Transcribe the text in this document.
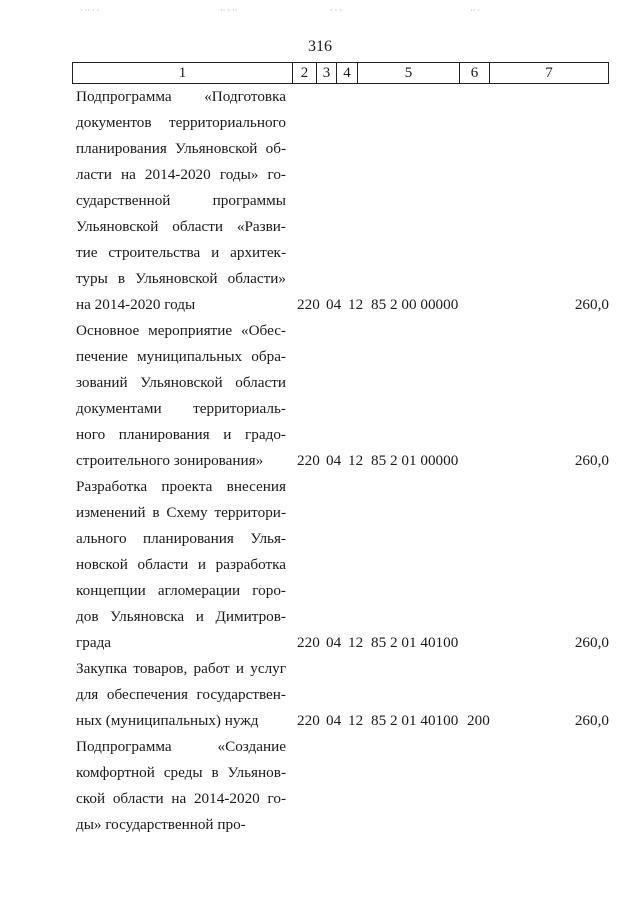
· ·· · ·	·· · ··	· · ·	·· ·
316
1	2 3 4	5	6	7
Подпрограмма «Подготовка
документов территориального
планирования Ульяновской об-
ласти на 2014-2020 годы» го-
сударственной программы
Ульяновской области «Разви-
тие строительства и архитек-
туры в Ульяновской области»
на 2014-2020 годы	220 04 12 85 2 00 00000	260,0
Основное мероприятие «Обес-
печение муниципальных обра-
зований Ульяновской области
документами территориаль-
ного планирования и градо-
строительного зонирования»	220 04 12 85 2 01 00000	260,0
Разработка проекта внесения
изменений в Схему территори-
ального планирования Улья-
новской области и разработка
концепции агломерации горо-
дов Ульяновска и Димитров-
града	220 04 12 85 2 01 40100	260,0
Закупка товаров, работ и услуг
для обеспечения государствен-
ных (муниципальных) нужд	220 04 12 85 2 01 40100 200	260,0
Подпрограмма «Создание
комфортной среды в Ульянов-
ской области на 2014-2020 го-
ды» государственной про-
